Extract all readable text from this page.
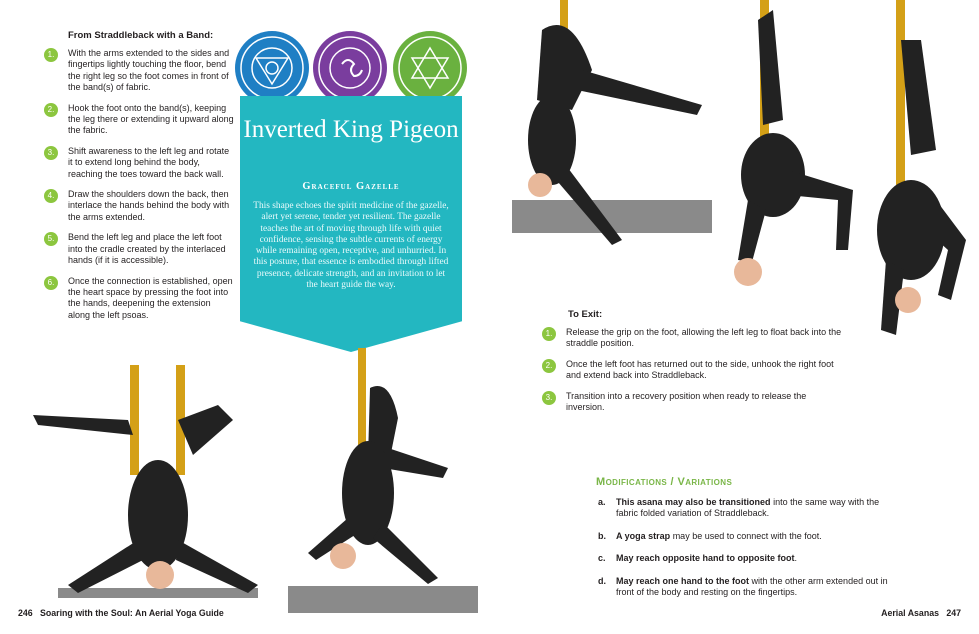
From Straddleback with a Band:
1.	With the arms extended to the sides and fingertips lightly touching the floor, bend the right leg so the foot comes in front of the band(s) of fabric.
2.	Hook the foot onto the band(s), keeping the leg there or extending it upward along the fabric.
3.	Shift awareness to the left leg and rotate it to extend long behind the body, reaching the toes toward the back wall.
4.	Draw the shoulders down the back, then interlace the hands behind the body with the arms extended.
5.	Bend the left leg and place the left foot into the cradle created by the interlaced hands (if it is accessible).
6.	Once the connection is established, open the heart space by pressing the foot into the hands, deepening the extension along the left psoas.
Inverted King Pigeon
Graceful Gazelle
This shape echoes the spirit medicine of the gazelle, alert yet serene, tender yet resilient. The gazelle teaches the art of moving through life with quiet confidence, sensing the subtle currents of energy while remaining open, receptive, and unhurried. In this posture, that essence is embodied through lifted presence, delicate strength, and an invitation to let the heart guide the way.
To Exit:
1.	Release the grip on the foot, allowing the left leg to float back into the straddle position.
2.	Once the left foot has returned out to the side, unhook the right foot and extend back into Straddleback.
3.	Transition into a recovery position when ready to release the inversion.
Modifications / Variations
a. This asana may also be transitioned into the same way with the fabric folded variation of Straddleback.
b. A yoga strap may be used to connect with the foot.
c. May reach opposite hand to opposite foot.
d. May reach one hand to the foot with the other arm extended out in front of the body and resting on the fingertips.
246   Soaring with the Soul: An Aerial Yoga Guide	Aerial Asanas   247
